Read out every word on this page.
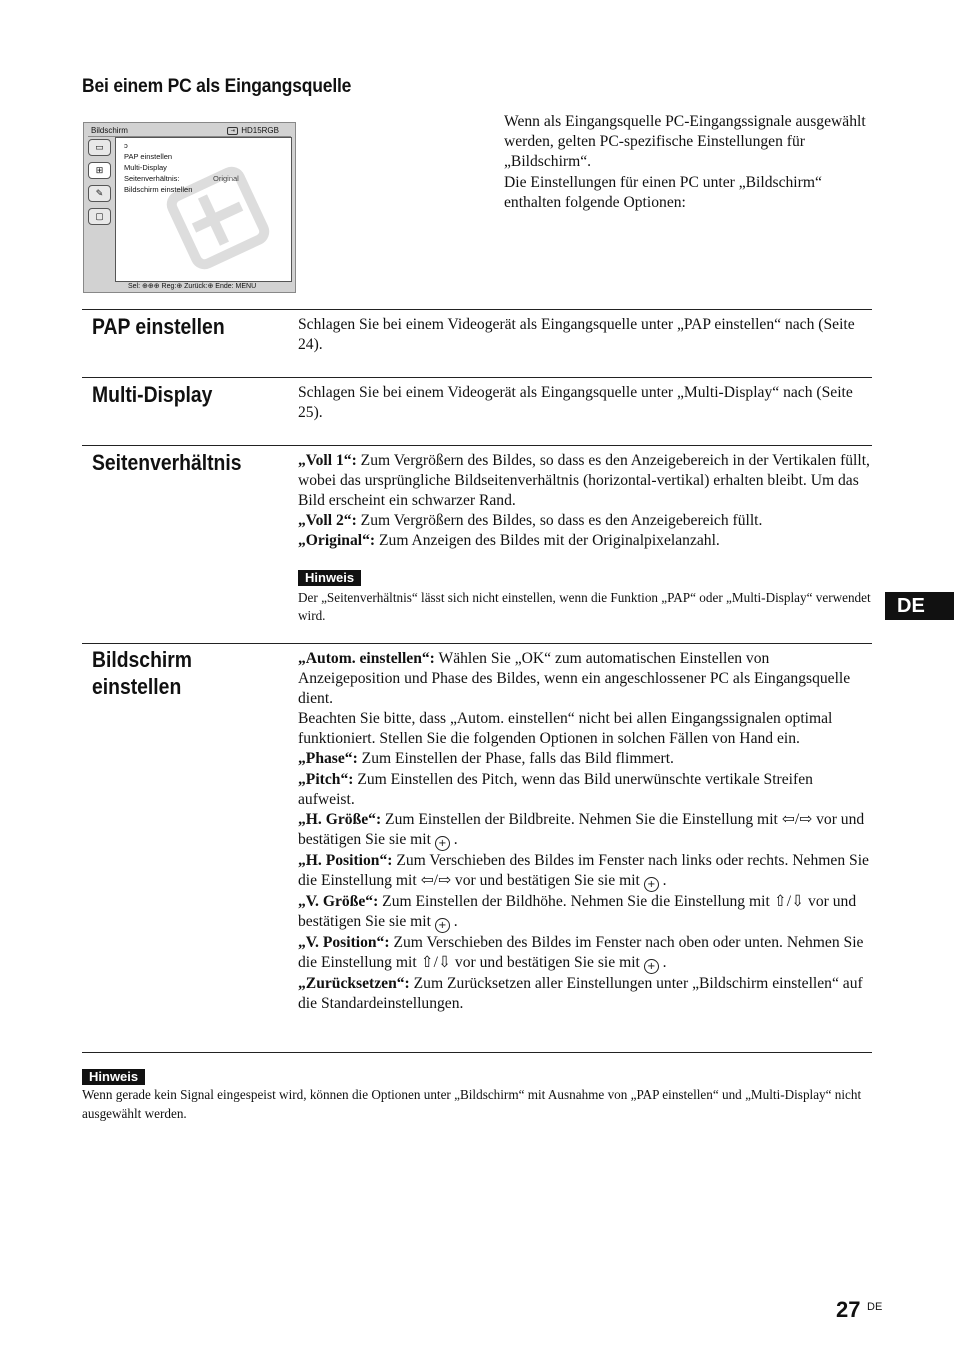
Bei einem PC als Eingangsquelle
Bildschirm	⇥ HD15RGB
▭
⊞
✎
▢
ↄ
PAP einstellen
Multi-Display
Seitenverhältnis:	Original
Bildschirm einstellen
Sel: ⊕⊕⊕ Reg:⊕ Zurück:⊕ Ende: MENU

Wenn als Eingangsquelle PC-Eingangssignale ausgewählt werden, gelten PC-spezifische Einstellungen für „Bildschirm“.

Die Einstellungen für einen PC unter „Bildschirm“ enthalten folgende Optionen:

PAP einstellen	Schlagen Sie bei einem Videogerät als Eingangsquelle unter „PAP einstellen“ nach (Seite 24).

Multi-Display	Schlagen Sie bei einem Videogerät als Eingangsquelle unter „Multi-Display“ nach (Seite 25).

Seitenverhältnis	„Voll 1“: Zum Vergrößern des Bildes, so dass es den Anzeigebereich in der Vertikalen füllt, wobei das ursprüngliche Bildseitenverhältnis (horizontal-vertikal) erhalten bleibt. Um das Bild erscheint ein schwarzer Rand.

„Voll 2“: Zum Vergrößern des Bildes, so dass es den Anzeigebereich füllt.

„Original“: Zum Anzeigen des Bildes mit der Originalpixelanzahl.

Hinweis

Der „Seitenverhältnis“ lässt sich nicht einstellen, wenn die Funktion „PAP“ oder „Multi-Display“ verwendet wird.

Bildschirm einstellen

„Autom. einstellen“: Wählen Sie „OK“ zum automatischen Einstellen von Anzeigeposition und Phase des Bildes, wenn ein angeschlossener PC als Eingangsquelle dient.

Beachten Sie bitte, dass „Autom. einstellen“ nicht bei allen Eingangssignalen optimal funktioniert. Stellen Sie die folgenden Optionen in solchen Fällen von Hand ein.

„Phase“: Zum Einstellen der Phase, falls das Bild flimmert.

„Pitch“: Zum Einstellen des Pitch, wenn das Bild unerwünschte vertikale Streifen aufweist.

„H. Größe“: Zum Einstellen der Bildbreite. Nehmen Sie die Einstellung mit ⇦/⇨ vor und bestätigen Sie sie mit + .

„H. Position“: Zum Verschieben des Bildes im Fenster nach links oder rechts. Nehmen Sie die Einstellung mit ⇦/⇨ vor und bestätigen Sie sie mit + .

„V. Größe“: Zum Einstellen der Bildhöhe. Nehmen Sie die Einstellung mit ⇧/⇩ vor und bestätigen Sie sie mit + .

„V. Position“: Zum Verschieben des Bildes im Fenster nach oben oder unten. Nehmen Sie die Einstellung mit ⇧/⇩ vor und bestätigen Sie sie mit + .

„Zurücksetzen“: Zum Zurücksetzen aller Einstellungen unter „Bildschirm einstellen“ auf die Standardeinstellungen.

Hinweis

Wenn gerade kein Signal eingespeist wird, können die Optionen unter „Bildschirm“ mit Ausnahme von „PAP einstellen“ und „Multi-Display“ nicht ausgewählt werden.

DE
27 DE
